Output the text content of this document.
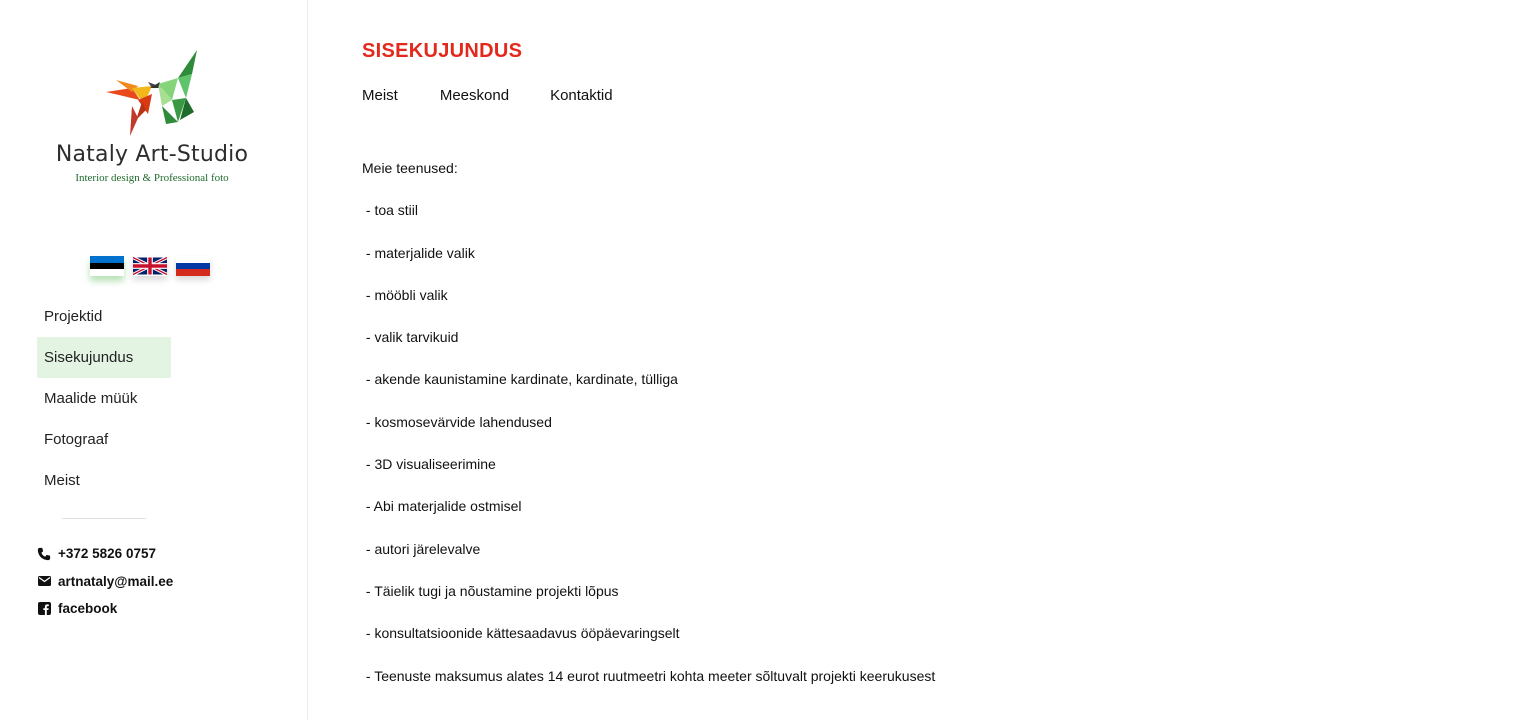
Nataly Art-Studio
Interior design & Professional foto
Projektid
Sisekujundus
Maalide müük
Fotograaf
Meist
+372 5826 0757
artnataly@mail.ee
facebook
SISEKUJUNDUS
Meist	Meeskond	Kontaktid
Meie teenused:
- toa stiil
- materjalide valik
- mööbli valik
- valik tarvikuid
- akende kaunistamine kardinate, kardinate, tülliga
- kosmosevärvide lahendused
- 3D visualiseerimine
- Abi materjalide ostmisel
- autori järelevalve
- Täielik tugi ja nõustamine projekti lõpus
- konsultatsioonide kättesaadavus ööpäevaringselt
- Teenuste maksumus alates 14 eurot ruutmeetri kohta meeter sõltuvalt projekti keerukusest
